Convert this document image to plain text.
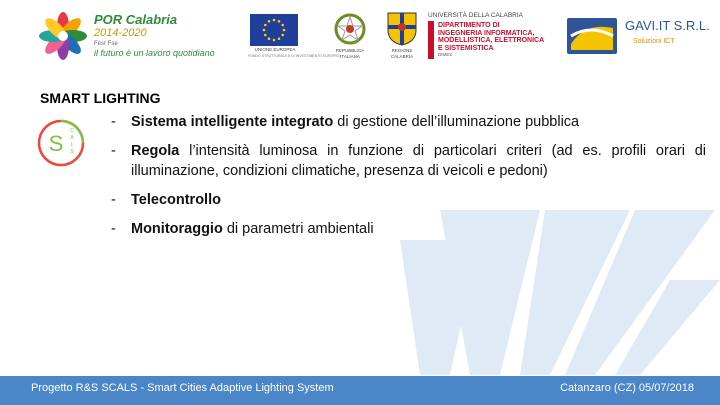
POR Calabria
2014-2020
Fesr Fse
il futuro è un lavoro quotidiano	UNIONE EUROPEA
FONDO STRUTTURALE E DI INVESTIMENTO EUROPEO
REPUBBLICA
ITALIANA
REGIONE
CALABRIA
UNIVERSITÀ DELLA CALABRIA
DIPARTIMENTO DI
INGEGNERIA INFORMATICA,
MODELLISTICA, ELETTRONICA
E SISTEMISTICA
DIMES
GAVI.IT S.R.L.
Soluzioni ICT
SMART LIGHTING
S C
A
L
S
- Sistema intelligente integrato di gestione dell’illuminazione pubblica
- Regola l’intensità luminosa in funzione di particolari criteri (ad es. profili orari di illuminazione, condizioni climatiche, presenza di veicoli e pedoni)
- Telecontrollo
- Monitoraggio di parametri ambientali
Progetto R&S SCALS - Smart Cities Adaptive Lighting System	Catanzaro (CZ) 05/07/2018
